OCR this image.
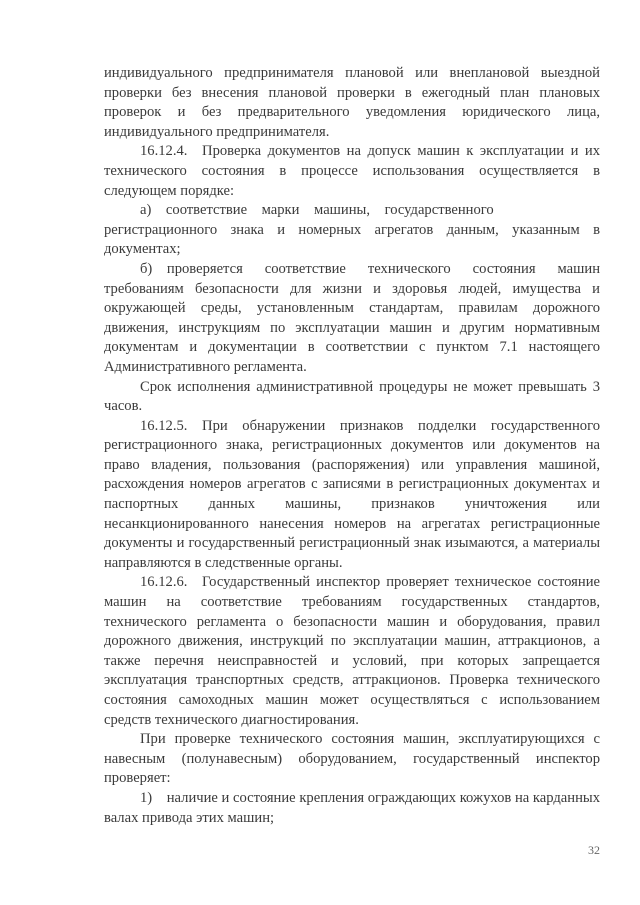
индивидуального предпринимателя плановой или внеплановой выездной проверки без внесения плановой проверки в ежегодный план плановых проверок и без предварительного уведомления юридического лица, индивидуального предпринимателя.

16.12.4. Проверка документов на допуск машин к эксплуатации и их технического состояния в процессе использования осуществляется в следующем порядке:

а) соответствие марки машины, государственного регистрационного знака и номерных агрегатов данным, указанным в документах;

б) проверяется соответствие технического состояния машин требованиям безопасности для жизни и здоровья людей, имущества и окружающей среды, установленным стандартам, правилам дорожного движения, инструкциям по эксплуатации машин и другим нормативным документам и документации в соответствии с пунктом 7.1 настоящего Административного регламента.

Срок исполнения административной процедуры не может превышать 3 часов.

16.12.5. При обнаружении признаков подделки государственного регистрационного знака, регистрационных документов или документов на право владения, пользования (распоряжения) или управления машиной, расхождения номеров агрегатов с записями в регистрационных документах и паспортных данных машины, признаков уничтожения или несанкционированного нанесения номеров на агрегатах регистрационные документы и государственный регистрационный знак изымаются, а материалы направляются в следственные органы.

16.12.6. Государственный инспектор проверяет техническое состояние машин на соответствие требованиям государственных стандартов, технического регламента о безопасности машин и оборудования, правил дорожного движения, инструкций по эксплуатации машин, аттракционов, а также перечня неисправностей и условий, при которых запрещается эксплуатация транспортных средств, аттракционов. Проверка технического состояния самоходных машин может осуществляться с использованием средств технического диагностирования.

При проверке технического состояния машин, эксплуатирующихся с навесным (полунавесным) оборудованием, государственный инспектор проверяет:

1) наличие и состояние крепления ограждающих кожухов на карданных валах привода этих машин;

32
